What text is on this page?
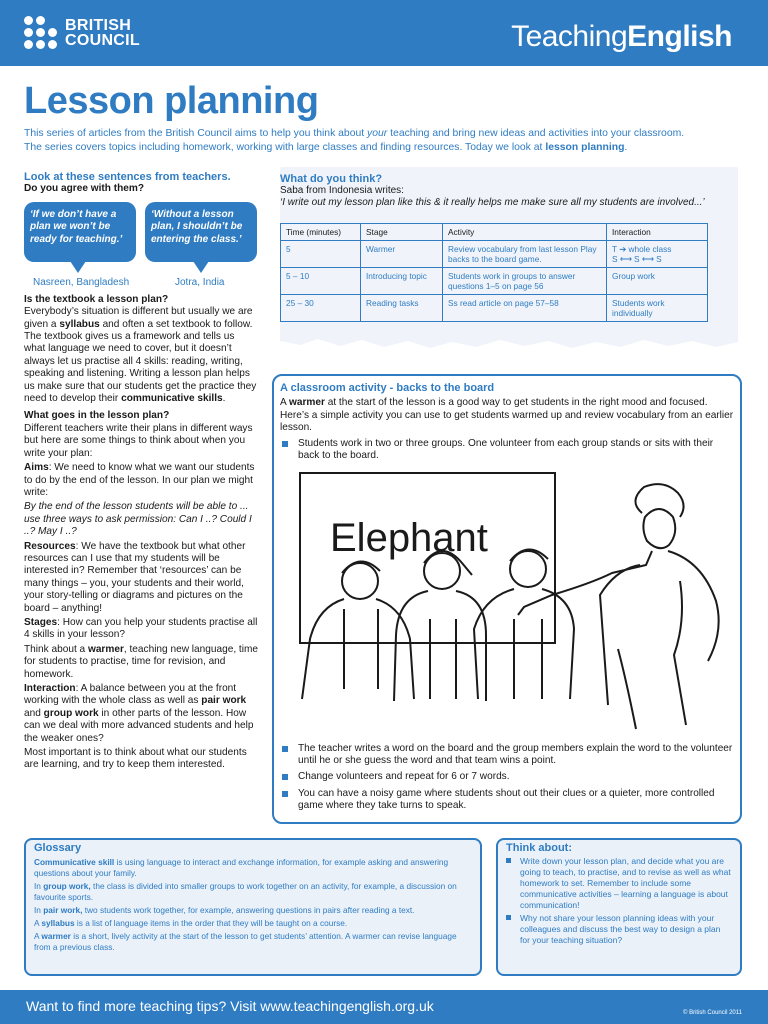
BRITISH
COUNCIL	TeachingEnglish
Lesson planning
This series of articles from the British Council aims to help you think about your teaching and bring new ideas and activities into your classroom.
The series covers topics including homework, working with large classes and finding resources. Today we look at lesson planning.
Look at these sentences from teachers.
Do you agree with them?
‘If we don’t have a plan we won’t be ready for teaching.’
‘Without a lesson plan, I shouldn’t be entering the class.’
Nasreen, Bangladesh	Jotra, India
Is the textbook a lesson plan?

Everybody’s situation is different but usually we are given a syllabus and often a set textbook to follow. The textbook gives us a framework and tells us what language we need to cover, but it doesn’t always let us practise all 4 skills: reading, writing, speaking and listening. Writing a lesson plan helps us make sure that our students get the practice they need to develop their communicative skills.

What goes in the lesson plan?

Different teachers write their plans in different ways but here are some things to think about when you write your plan:

Aims: We need to know what we want our students to do by the end of the lesson. In our plan we might write:

By the end of the lesson students will be able to ... use three ways to ask permission: Can I ..? Could I ..? May I ..?

Resources: We have the textbook but what other resources can I use that my students will be interested in? Remember that ‘resources’ can be many things – you, your students and their world, your story-telling or diagrams and pictures on the board – anything!

Stages: How can you help your students practise all 4 skills in your lesson?

Think about a warmer, teaching new language, time for students to practise, time for revision, and homework.

Interaction: A balance between you at the front working with the whole class as well as pair work and group work in other parts of the lesson. How can we deal with more advanced students and help the weaker ones?

Most important is to think about what our students are learning, and try to keep them interested.

What do you think?
Saba from Indonesia writes:
‘I write out my lesson plan like this & it really helps me make sure all my students are involved...’
Time (minutes)	Stage	Activity	Interaction
5	Warmer	Review vocabulary from last lesson Play backs to the board game.	T ➔ whole class
S ⟷ S ⟷ S

5 – 10	Introducing topic	Students work in groups to answer questions 1–5 on page 56	Group work

25 – 30	Reading tasks	Ss read article on page 57–58	Students work individually
A classroom activity - backs to the board
A warmer at the start of the lesson is a good way to get students in the right mood and focused. Here’s a simple activity you can use to get students warmed up and review vocabulary from an earlier lesson.
Students work in two or three groups. One volunteer from each group stands or sits with their back to the board.
Elephant
The teacher writes a word on the board and the group members explain the word to the volunteer until he or she guess the word and that team wins a point.
Change volunteers and repeat for 6 or 7 words.
You can have a noisy game where students shout out their clues or a quieter, more controlled game where they take turns to speak.
Glossary

Communicative skill is using language to interact and exchange information, for example asking and answering questions about your family.

In group work, the class is divided into smaller groups to work together on an activity, for example, a discussion on favourite sports.

In pair work, two students work together, for example, answering questions in pairs after reading a text.

A syllabus is a list of language items in the order that they will be taught on a course.

A warmer is a short, lively activity at the start of the lesson to get students’ attention. A warmer can revise language from a previous class.

Think about:
Write down your lesson plan, and decide what you are going to teach, to practise, and to revise as well as what homework to set. Remember to include some communicative activities – learning a language is about communication!
Why not share your lesson planning ideas with your colleagues and discuss the best way to design a plan for your teaching situation?
Want to find more teaching tips? Visit www.teachingenglish.org.uk	© British Council 2011
